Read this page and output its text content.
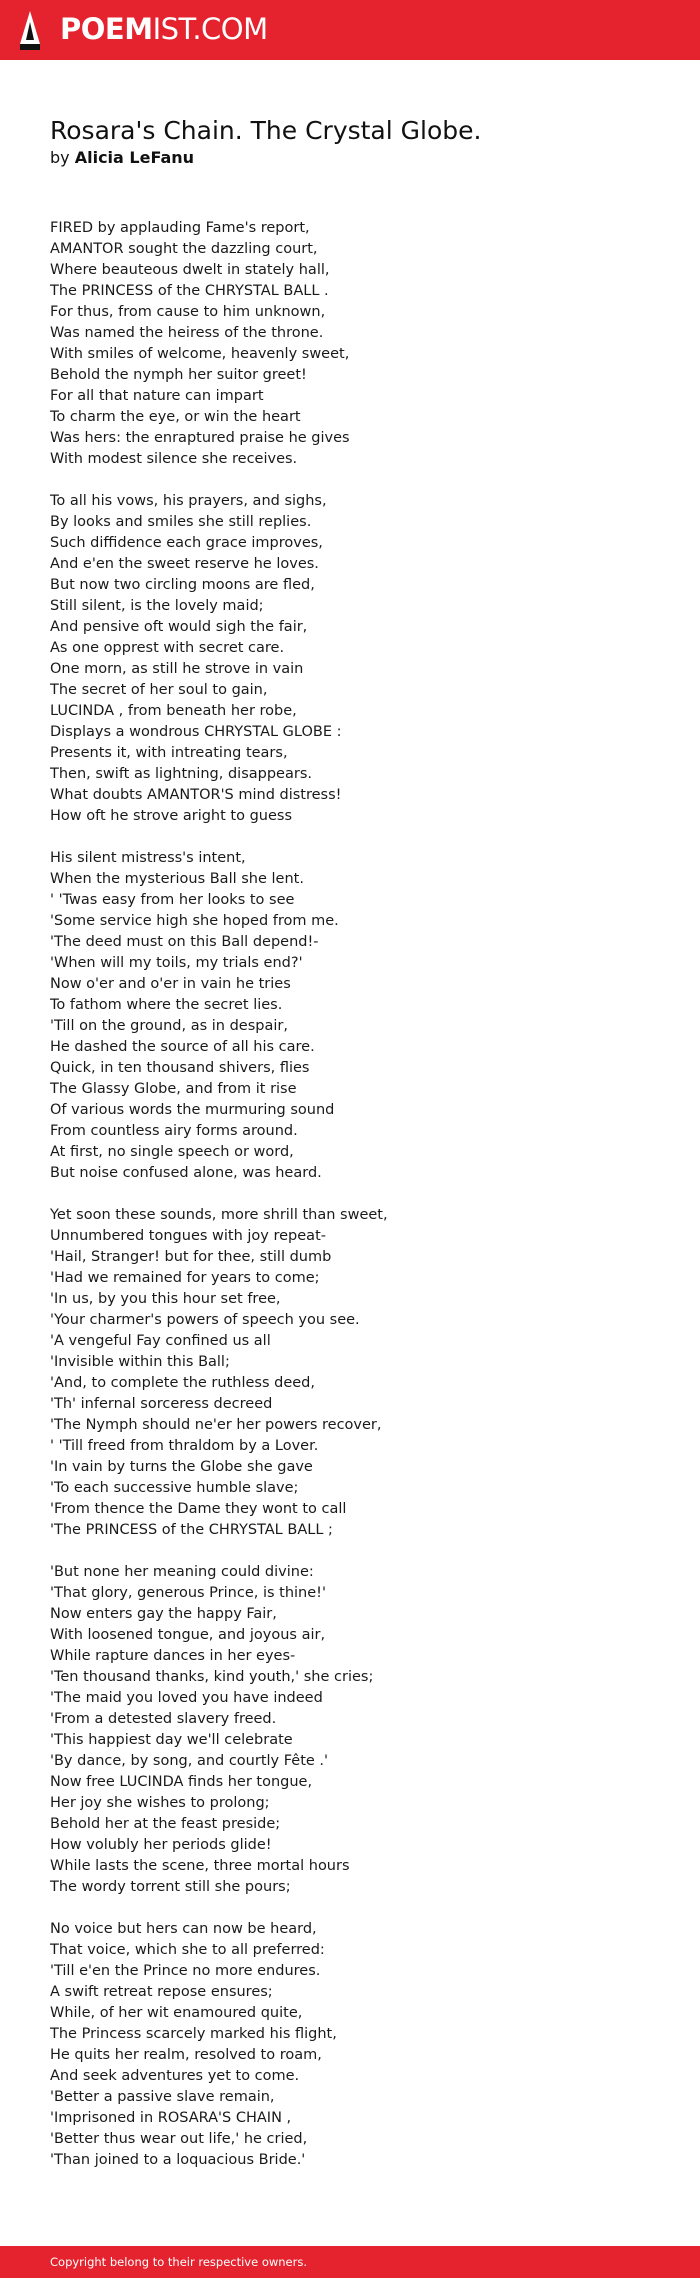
POEMIST.COM
Rosara's Chain. The Crystal Globe.
by Alicia LeFanu
FIRED by applauding Fame's report,
AMANTOR sought the dazzling court,
Where beauteous dwelt in stately hall,
The PRINCESS of the CHRYSTAL BALL .
For thus, from cause to him unknown,
Was named the heiress of the throne.
With smiles of welcome, heavenly sweet,
Behold the nymph her suitor greet!
For all that nature can impart
To charm the eye, or win the heart
Was hers: the enraptured praise he gives
With modest silence she receives.
To all his vows, his prayers, and sighs,
By looks and smiles she still replies.
Such diffidence each grace improves,
And e'en the sweet reserve he loves.
But now two circling moons are fled,
Still silent, is the lovely maid;
And pensive oft would sigh the fair,
As one opprest with secret care.
One morn, as still he strove in vain
The secret of her soul to gain,
LUCINDA , from beneath her robe,
Displays a wondrous CHRYSTAL GLOBE :
Presents it, with intreating tears,
Then, swift as lightning, disappears.
What doubts AMANTOR'S mind distress!
How oft he strove aright to guess
His silent mistress's intent,
When the mysterious Ball she lent.
' 'Twas easy from her looks to see
'Some service high she hoped from me.
'The deed must on this Ball depend!-
'When will my toils, my trials end?'
Now o'er and o'er in vain he tries
To fathom where the secret lies.
'Till on the ground, as in despair,
He dashed the source of all his care.
Quick, in ten thousand shivers, flies
The Glassy Globe, and from it rise
Of various words the murmuring sound
From countless airy forms around.
At first, no single speech or word,
But noise confused alone, was heard.
Yet soon these sounds, more shrill than sweet,
Unnumbered tongues with joy repeat-
'Hail, Stranger! but for thee, still dumb
'Had we remained for years to come;
'In us, by you this hour set free,
'Your charmer's powers of speech you see.
'A vengeful Fay confined us all
'Invisible within this Ball;
'And, to complete the ruthless deed,
'Th' infernal sorceress decreed
'The Nymph should ne'er her powers recover,
' 'Till freed from thraldom by a Lover.
'In vain by turns the Globe she gave
'To each successive humble slave;
'From thence the Dame they wont to call
'The PRINCESS of the CHRYSTAL BALL ;
'But none her meaning could divine:
'That glory, generous Prince, is thine!'
Now enters gay the happy Fair,
With loosened tongue, and joyous air,
While rapture dances in her eyes-
'Ten thousand thanks, kind youth,' she cries;
'The maid you loved you have indeed
'From a detested slavery freed.
'This happiest day we'll celebrate
'By dance, by song, and courtly Fête .'
Now free LUCINDA finds her tongue,
Her joy she wishes to prolong;
Behold her at the feast preside;
How volubly her periods glide!
While lasts the scene, three mortal hours
The wordy torrent still she pours;
No voice but hers can now be heard,
That voice, which she to all preferred:
'Till e'en the Prince no more endures.
A swift retreat repose ensures;
While, of her wit enamoured quite,
The Princess scarcely marked his flight,
He quits her realm, resolved to roam,
And seek adventures yet to come.
'Better a passive slave remain,
'Imprisoned in ROSARA'S CHAIN ,
'Better thus wear out life,' he cried,
'Than joined to a loquacious Bride.'
Copyright belong to their respective owners.
